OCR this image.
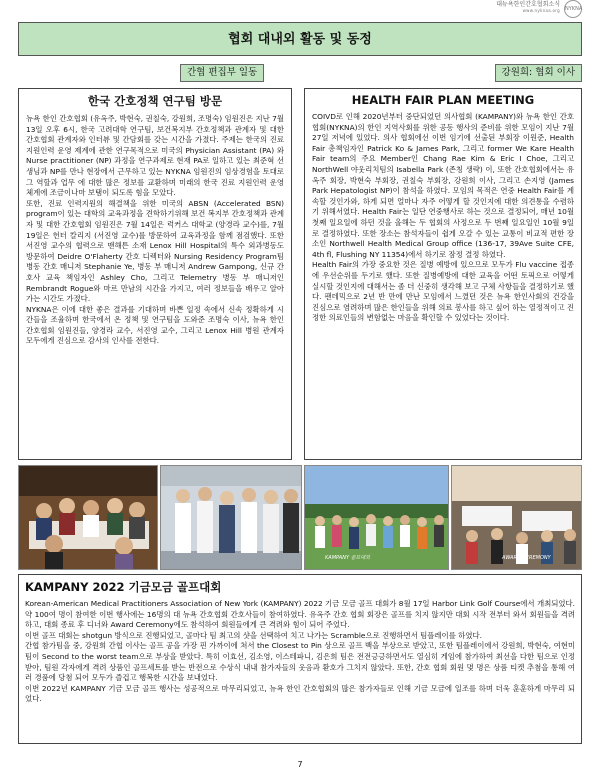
대뉴욕한인간호협회소식
www.nyknaa.org NYKNA
협회 대내외 활동 및 동정
간협 편집부 일동	강원희: 협회 이사
한국 간호정책 연구팀 방문

뉴욕 한인 간호협회 (유옥주, 박현숙, 권칠숙, 강원희, 조명숙) 임원진은 지난 7월 13일 오후 6시, 한국 고려대학 연구팀, 보건복지부 간호정책과 관계자 및 대한 간호협회 관계자와 인터뷰 및 간담회를 갖는 시간을 가졌다. 주제는 한국의 진료지원인력 운영 제계에 관한 연구목적으로 미국의 Physician Assistant (PA) 와 Nurse practitioner (NP) 과정을 연구과제로 현재 PA로 일하고 있는 최준혁 선생님과 NP를 만나 현장에서 근무하고 있는 NYKNA 임원진의 임상경험을 토대로 그 역할과 업무 에 대한 많은 정보를 교환하며 미래의 한국 진료 지원인력 운영 체계에 조금이나마 보탬이 되도록 힘을 모았다.

또한, 진료 인력지원의 해결책을 위한 미국의 ABSN (Accelerated BSN) program이 있는 대학의 교육과정을 견학하기위해 보건 복지부 간호정책과 관계자 및 대한 간호협회 임원진은 7월 14일은 럭커스 대학교 (양경라 교수)를, 7월19일은 헌터 칼리지 (서진영 교수)를 방문하여 교육과정을 함께 점검했다. 또한 서진영 교수의 협력으로 맨해튼 소재 Lenox Hill Hospital의 특수 외과병동도 방문하여 Deidre O'Flaherty 간호 디렉터와 Nursing Residency Program팀 병동 간호 매니저 Stephanie Ye, 병동 부 매니저 Andrew Gampong, 신규 간호사 교육 책임자인 Ashley Cho, 그리고 Telemetry 병동 부 매니저인 Rembrandt Rogue와 마르 만남의 시간을 가지고, 여러 정보들을 배우고 알아가는 시간도 가졌다.

NYKNA은 이에 대한 좋은 결과를 기대하며 바쁜 일정 속에서 신속 정확하게 시간들을 조율하며 한국에서 온 정책 및 연구팀을 도와준 조명숙 이사, 뉴욕 한인 간호협회 임원진들, 양경라 교수, 서진영 교수, 그리고 Lenox Hill 병원 관계자 모두에게 진심으로 감사의 인사를 전한다.

HEALTH FAIR PLAN MEETING

COIVD로 인해 2020년부터 중단되었던 의사협회 (KAMPANY)와 뉴욕 한인 간호협회(NYKNA)의 한인 지역사회를 위한 공동 행사의 준비를 위한 모임이 지난 7월 27일 저녁에 있었다. 의사 협회에선 이번 임기에 선출된 부회장 이원준, Health Fair 총책임자인 Patrick Ko & James Park, 그리고 former We Kare Health Fair team의 주요 Member인 Chang Rae Kim & Eric I Choe, 그리고 NorthWell 야웃리치팀의 Isabella Park (존칭 생략) 이, 또한 간호협회에서는 유옥주 회장, 박현숙 부회장, 권칠숙 부회장, 강원희 이사, 그리고 손지영 (James Park Hepatologist NP)이 참석을 하였다. 모임의 목적은 연중 Health Fair를 계속할 것인가와, 하게 되면 얼마나 자주 어떻게 할 것인지에 대한 의견통을 수렴하기 위해서였다. Health Fair는 일단 연중행사로 하는 것으로 결정되어, 매년 10월 첫째 일요일에 하던 것을 올해는 두 협회의 사정으로 두 번째 일요일인 10월 9일로 결정하였다. 또한 장소는 참석자들이 쉽게 오갈 수 있는 교통이 비교적 편한 장소인 Northwell Health Medical Group office (136-17, 39Ave Suite CFE, 4th fl, Flushing NY 11354)에서 하기로 잠정 결정 하였다.

Health Fair의 가장 중요한 것은 질병 예방에 있으므로 모두가 Flu vaccine 접종에 우선순위를 두기로 했다. 또한 질병예방에 대한 교육을 어떤 토픽으로 어떻게 실시할 것인지에 대해서는 좀 더 신중히 생각해 보고 구체 사항들을 결정하기로 했다. 팬데믹으로 2년 반 만에 만난 모임에서 느꼈던 것은 뉴욕 한인사회의 건강을 진심으로 염려하며 많은 한인들을 위해 의료 봉사를 하고 싶어 하는 열정적이고 진정한 의료인들의 변함없는 마음을 확인할 수 있었다는 것이다.

KAMPANY 골프대회	AWARD CEREMONY
KAMPANY 2022 기금모금 골프대회

Korean-American Medical Practitioners Association of New York (KAMPANY) 2022 기금 모금 골프 대회가 8월 17일 Harbor Link Golf Course에서 개최되었다. 약 100여 명이 참여한 이번 행사에는 16명의 대 뉴욕 간호협회 간호사들이 참여하였다. 유옥주 간호 협회 회장은 골프를 치지 않지만 대회 시작 전부터 와서 회원들을 격려하고, 대회 종료 후 디너와 Award Ceremony에도 참석하여 회원들에게 큰 격려와 힘이 되어 주었다.

이번 골프 대회는 shotgun 방식으로 진행되었고, 골마다 팀 최고의 샷을 선택하여 치고 나가는 Scramble으로 진행하면서 팀플레이를 하였다.

간협 참가팀을 중, 강원희 간협 이사는 골프 공을 가장 핀 가까이에 쳐서 the Closest to Pin 상으로 골프 백을 부상으로 받았고, 또한 팀플레이에서 강원희, 박현숙, 여현미 팀이 Second to the worst team으로 부상을 받았다. 특히 이효선, 김소영, 이스테파니, 김은희 팀은 전전긍긍하면서도 열심히 게임에 참가하여 최선을 다한 팀으로 인정받아, 팀원 각자에게 격려 상품인 골프세트를 받는 반전으로 수상식 내내 참가자들의 웃음과 환호가 그치지 않았다. 또한, 간호 협회 회원 몇 명은 상품 티켓 추첨을 통해 여러 경품에 당첨 되어 모두가 즐겁고 행복한 시간을 보내었다.

이번 2022년 KAMPANY 기금 모금 골프 행사는 성공적으로 마무리되었고, 뉴욕 한인 간호협회의 많은 참가자들로 인해 기금 모금에 일조를 하며 더욱 훈훈하게 마무리 되었다.

7
